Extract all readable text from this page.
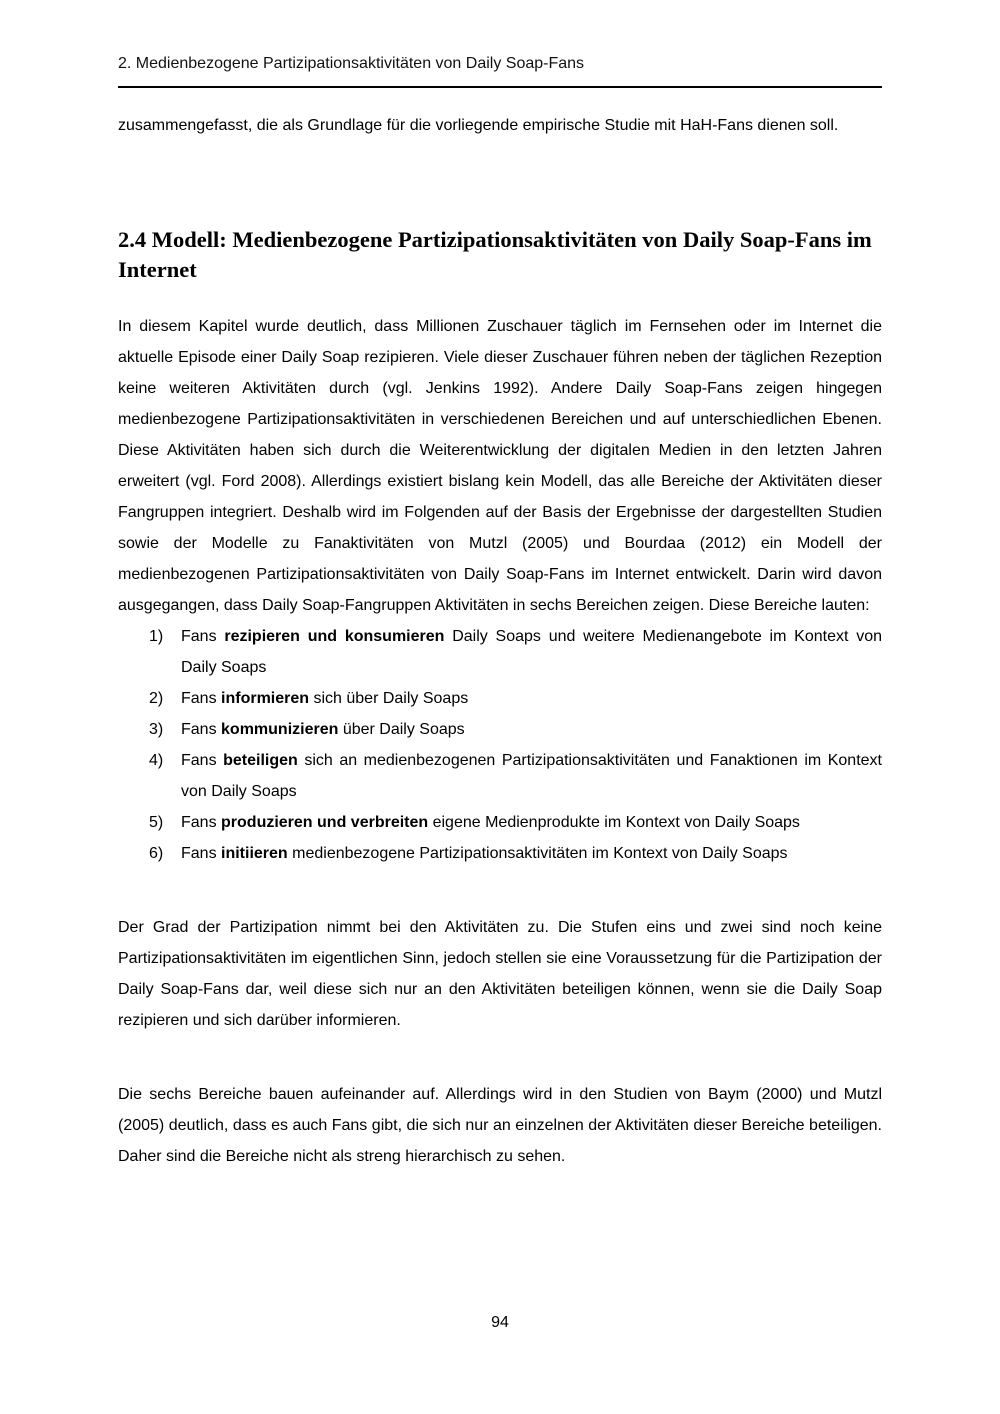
2. Medienbezogene Partizipationsaktivitäten von Daily Soap-Fans

zusammengefasst, die als Grundlage für die vorliegende empirische Studie mit HaH-Fans dienen soll.

2.4 Modell: Medienbezogene Partizipationsaktivitäten von Daily Soap-Fans im Internet

In diesem Kapitel wurde deutlich, dass Millionen Zuschauer täglich im Fernsehen oder im Internet die aktuelle Episode einer Daily Soap rezipieren. Viele dieser Zuschauer führen neben der täglichen Rezeption keine weiteren Aktivitäten durch (vgl. Jenkins 1992). Andere Daily Soap-Fans zeigen hingegen medienbezogene Partizipationsaktivitäten in verschiedenen Bereichen und auf unterschiedlichen Ebenen. Diese Aktivitäten haben sich durch die Weiterentwicklung der digitalen Medien in den letzten Jahren erweitert (vgl. Ford 2008). Allerdings existiert bislang kein Modell, das alle Bereiche der Aktivitäten dieser Fangruppen integriert. Deshalb wird im Folgenden auf der Basis der Ergebnisse der dargestellten Studien sowie der Modelle zu Fanaktivitäten von Mutzl (2005) und Bourdaa (2012) ein Modell der medienbezogenen Partizipationsaktivitäten von Daily Soap-Fans im Internet entwickelt. Darin wird davon ausgegangen, dass Daily Soap-Fangruppen Aktivitäten in sechs Bereichen zeigen. Diese Bereiche lauten:

1) Fans rezipieren und konsumieren Daily Soaps und weitere Medienangebote im Kontext von Daily Soaps
2) Fans informieren sich über Daily Soaps
3) Fans kommunizieren über Daily Soaps
4) Fans beteiligen sich an medienbezogenen Partizipationsaktivitäten und Fanaktionen im Kontext von Daily Soaps
5) Fans produzieren und verbreiten eigene Medienprodukte im Kontext von Daily Soaps
6) Fans initiieren medienbezogene Partizipationsaktivitäten im Kontext von Daily Soaps

Der Grad der Partizipation nimmt bei den Aktivitäten zu. Die Stufen eins und zwei sind noch keine Partizipationsaktivitäten im eigentlichen Sinn, jedoch stellen sie eine Voraussetzung für die Partizipation der Daily Soap-Fans dar, weil diese sich nur an den Aktivitäten beteiligen können, wenn sie die Daily Soap rezipieren und sich darüber informieren.

Die sechs Bereiche bauen aufeinander auf. Allerdings wird in den Studien von Baym (2000) und Mutzl (2005) deutlich, dass es auch Fans gibt, die sich nur an einzelnen der Aktivitäten dieser Bereiche beteiligen. Daher sind die Bereiche nicht als streng hierarchisch zu sehen.

94
